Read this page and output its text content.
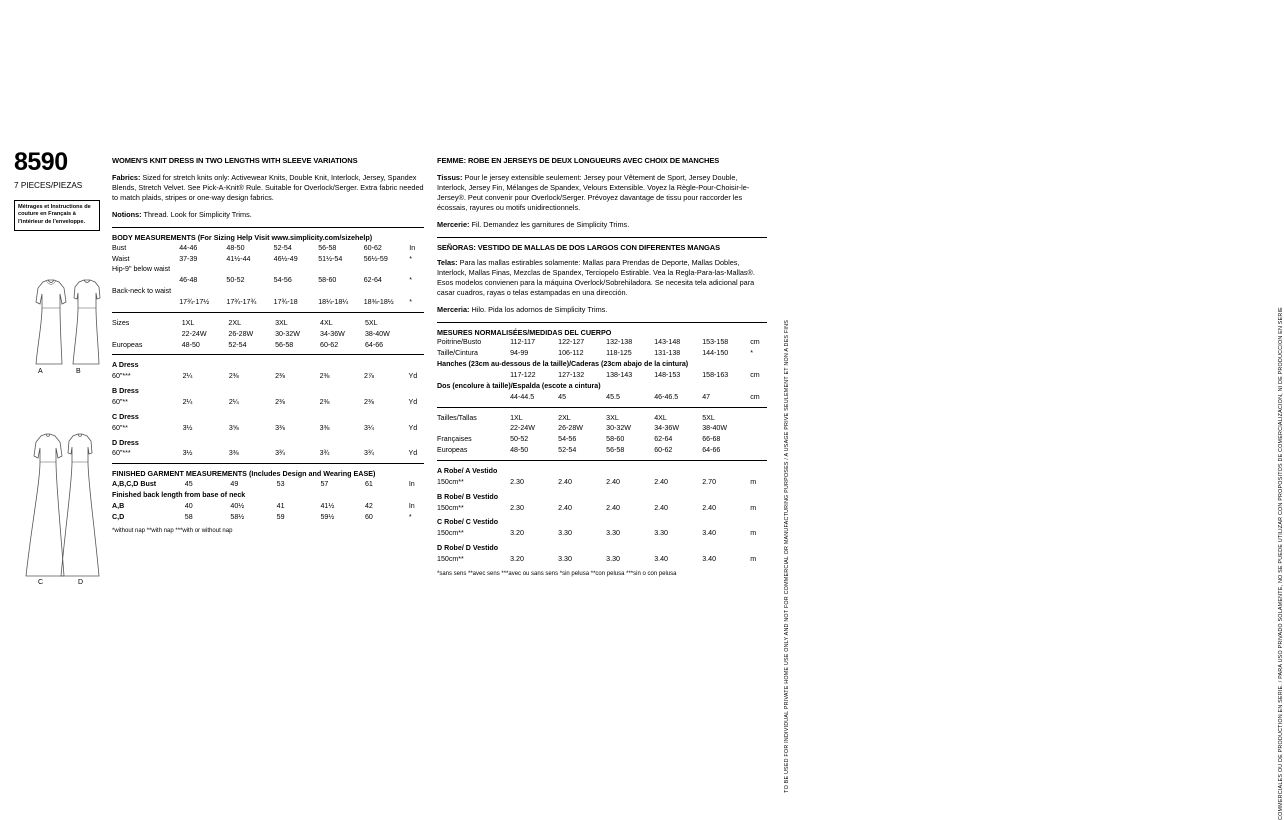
8590
7 PIECES/PIEZAS
Métrages et Instructions de couture en Français à l'intérieur de l'enveloppe.
A	B
C	D
WOMEN'S KNIT DRESS IN TWO LENGTHS WITH SLEEVE VARIATIONS
Fabrics: Sized for stretch knits only: Activewear Knits, Double Knit, Interlock, Jersey, Spandex Blends, Stretch Velvet. See Pick-A-Knit® Rule. Suitable for Overlock/Serger. Extra fabric needed to match plaids, stripes or one-way design fabrics.
Notions: Thread. Look for Simplicity Trims.
BODY MEASUREMENTS (For Sizing Help Visit www.simplicity.com/sizehelp)
Bust	44-46	48-50	52-54	56-58	60-62	In
Waist	37-39	41½-44	46½-49	51½-54	56½-59	*
Hip-9" below waist						
	46-48	50-52	54-56	58-60	62-64	*
Back-neck to waist						
	17¾-17½	17¾-17¾	17¾-18	18¼-18¼	18⅜-18½	*
Sizes	1XL	2XL	3XL	4XL	5XL	
	22-24W	26-28W	30-32W	34-36W	38-40W	
Europeas	48-50	52-54	56-58	60-62	64-66	
A Dress						
60"***	2¼	2⅜	2⅜	2⅜	2⅞	Yd
B Dress						
60"**	2¼	2¼	2⅜	2⅜	2⅜	Yd
C Dress						
60"**	3½	3⅝	3⅜	3⅜	3¼	Yd
D Dress						
60"***	3½	3⅜	3¾	3¾	3¾	Yd
FINISHED GARMENT MEASUREMENTS (Includes Design and Wearing EASE)
A,B,C,D Bust	45	49	53	57	61	In
Finished back length from base of neck						
A,B	40	40½	41	41½	42	In
C,D	58	58½	59	59½	60	*
*without nap **with nap ***with or without nap
FEMME: ROBE EN JERSEYS DE DEUX LONGUEURS AVEC CHOIX DE MANCHES
Tissus: Pour le jersey extensible seulement: Jersey pour Vêtement de Sport, Jersey Double, Interlock, Jersey Fin, Mélanges de Spandex, Velours Extensible. Voyez la Règle-Pour-Choisir-le-Jersey®. Peut convenir pour Overlock/Serger. Prévoyez davantage de tissu pour raccorder les écossais, rayures ou motifs unidirectionnels.
Mercerie: Fil. Demandez les garnitures de Simplicity Trims.
SEÑORAS: VESTIDO DE MALLAS DE DOS LARGOS CON DIFERENTES MANGAS
Telas: Para las mallas estirables solamente: Mallas para Prendas de Deporte, Mallas Dobles, Interlock, Mallas Finas, Mezclas de Spandex, Terciopelo Estirable. Vea la Regla-Para-las-Mallas®. Esos modelos convienen para la máquina Overlock/Sobrehiladora. Se necesita tela adicional para casar cuadros, rayas o telas estampadas en una dirección.
Merceria: Hilo. Pida los adornos de Simplicity Trims.
MESURES NORMALISÉES/MEDIDAS DEL CUERPO
Poitrine/Busto	112-117	122-127	132-138	143-148	153-158	cm
Taille/Cintura	94-99	106-112	118-125	131-138	144-150	*
Hanches (23cm au-dessous de la taille)/Caderas (23cm abajo de la cintura)						
	117-122	127-132	138-143	148-153	158-163	cm
Dos (encolure à taille)/Espalda (escote a cintura)						
	44-44.5	45	45.5	46-46.5	47	cm
Tailles/Tallas	1XL	2XL	3XL	4XL	5XL	
	22-24W	26-28W	30-32W	34-36W	38-40W	
Françaises	50-52	54-56	58-60	62-64	66-68	
Europeas	48-50	52-54	56-58	60-62	64-66	
A Robe/ A Vestido						
150cm**	2.30	2.40	2.40	2.40	2.70	m
B Robe/ B Vestido						
150cm**	2.30	2.40	2.40	2.40	2.40	m
C Robe/ C Vestido						
150cm**	3.20	3.30	3.30	3.30	3.40	m
D Robe/ D Vestido						
150cm**	3.20	3.30	3.30	3.40	3.40	m
*sans sens **avec sens ***avec ou sans sens *sin pelusa **con pelusa ***sin o con pelusa	TO BE USED FOR INDIVIDUAL PRIVATE HOME USE ONLY AND NOT FOR COMMERCIAL OR MANUFACTURING PURPOSES / A USAGE PRIVE SEULEMENT ET NON A DES FINS	COMMERCIALES OU DE PRODUCTION EN SERIE. / PARA USO PRIVADO SOLAMENTE, NO SE PUEDE UTILIZAR CON PROPOSITOS DE COMERCIALIZACION, NI DE PRODUCCION EN SERIE
